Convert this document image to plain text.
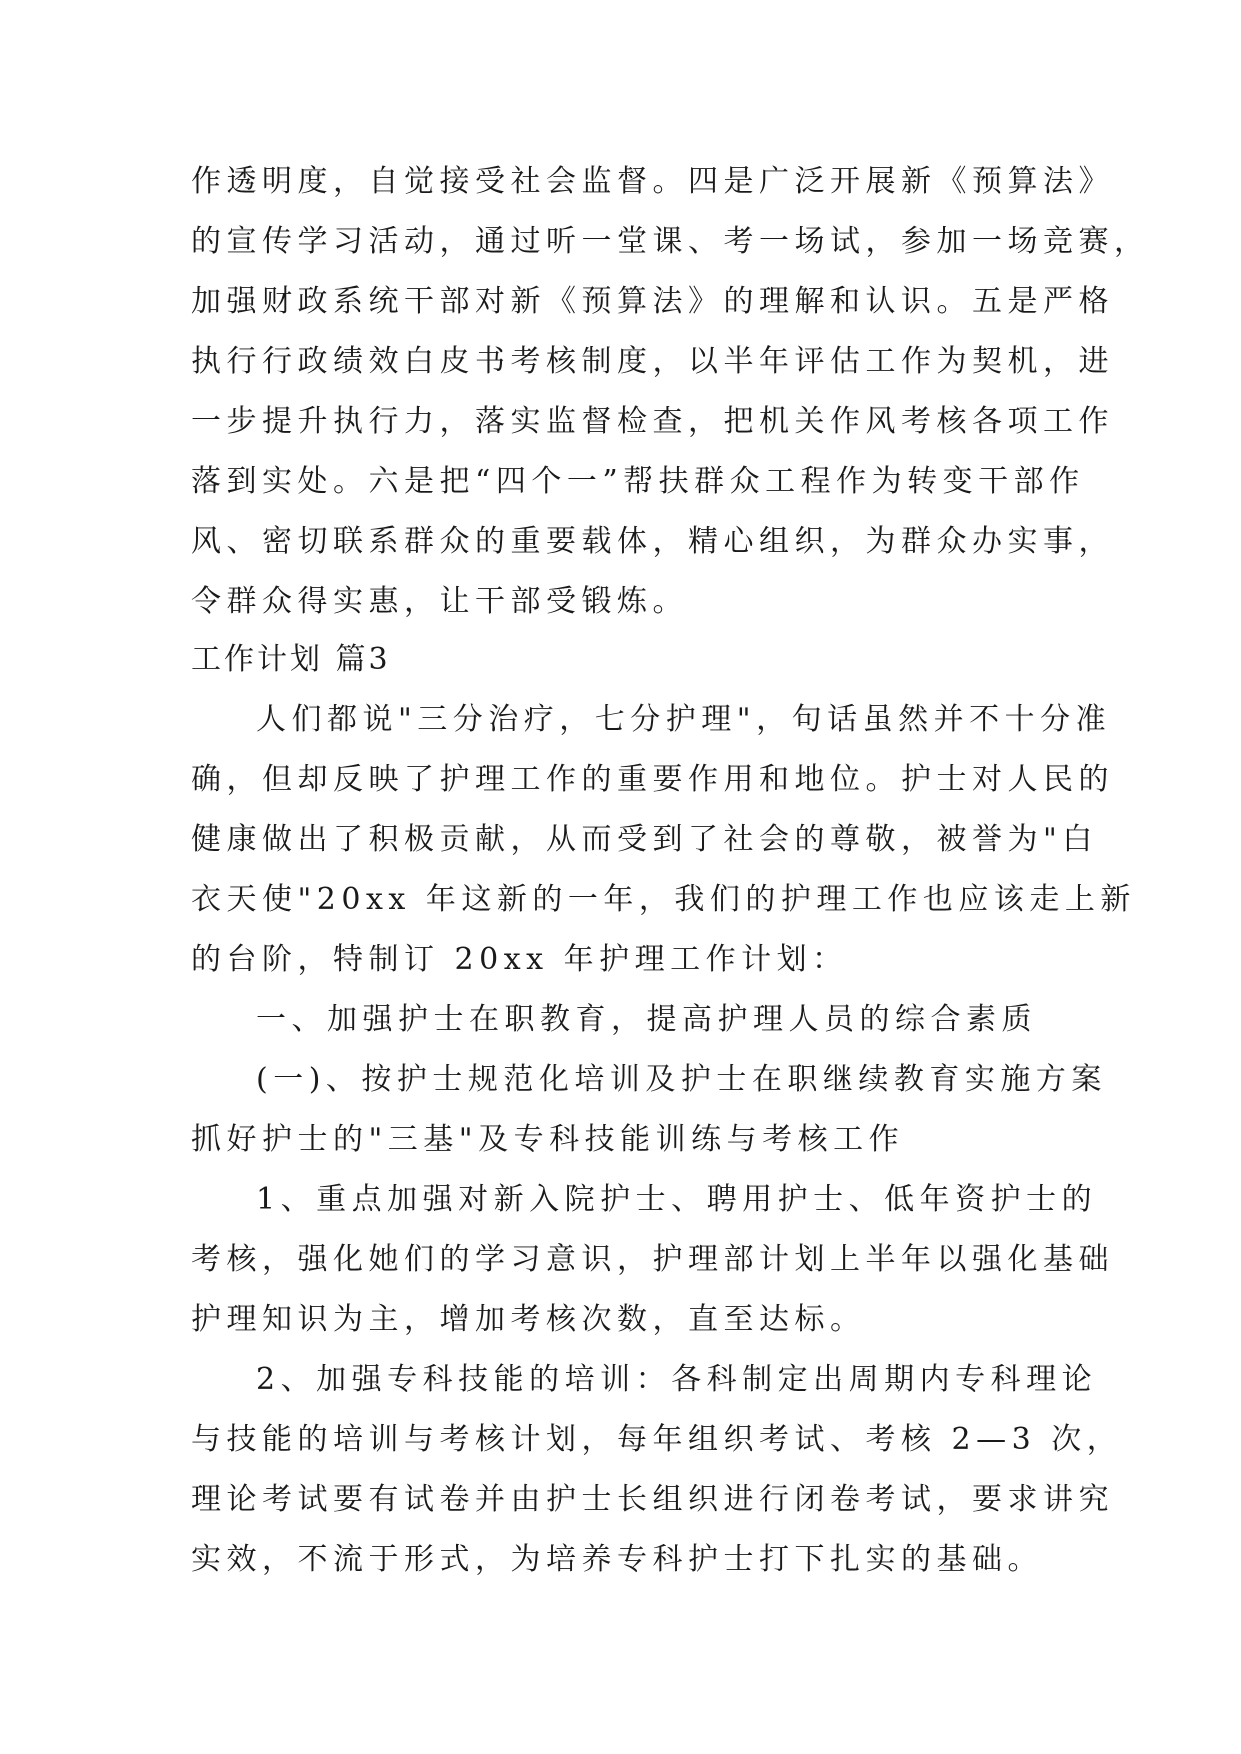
作透明度，自觉接受社会监督。四是广泛开展新《预算法》
的宣传学习活动，通过听一堂课、考一场试，参加一场竞赛，
加强财政系统干部对新《预算法》的理解和认识。五是严格
执行行政绩效白皮书考核制度，以半年评估工作为契机，进
一步提升执行力，落实监督检查，把机关作风考核各项工作
落到实处。六是把“四个一”帮扶群众工程作为转变干部作
风、密切联系群众的重要载体，精心组织，为群众办实事，
令群众得实惠，让干部受锻炼。
工作计划 篇3
人们都说"三分治疗，七分护理"，句话虽然并不十分准
确，但却反映了护理工作的重要作用和地位。护士对人民的
健康做出了积极贡献，从而受到了社会的尊敬，被誉为"白
衣天使"20xx 年这新的一年，我们的护理工作也应该走上新
的台阶，特制订 20xx 年护理工作计划：
一、加强护士在职教育，提高护理人员的综合素质
(一)、按护士规范化培训及护士在职继续教育实施方案
抓好护士的"三基"及专科技能训练与考核工作
1、重点加强对新入院护士、聘用护士、低年资护士的
考核，强化她们的学习意识，护理部计划上半年以强化基础
护理知识为主，增加考核次数，直至达标。
2、加强专科技能的培训：各科制定出周期内专科理论
与技能的培训与考核计划，每年组织考试、考核 2—3 次，
理论考试要有试卷并由护士长组织进行闭卷考试，要求讲究
实效，不流于形式，为培养专科护士打下扎实的基础。
